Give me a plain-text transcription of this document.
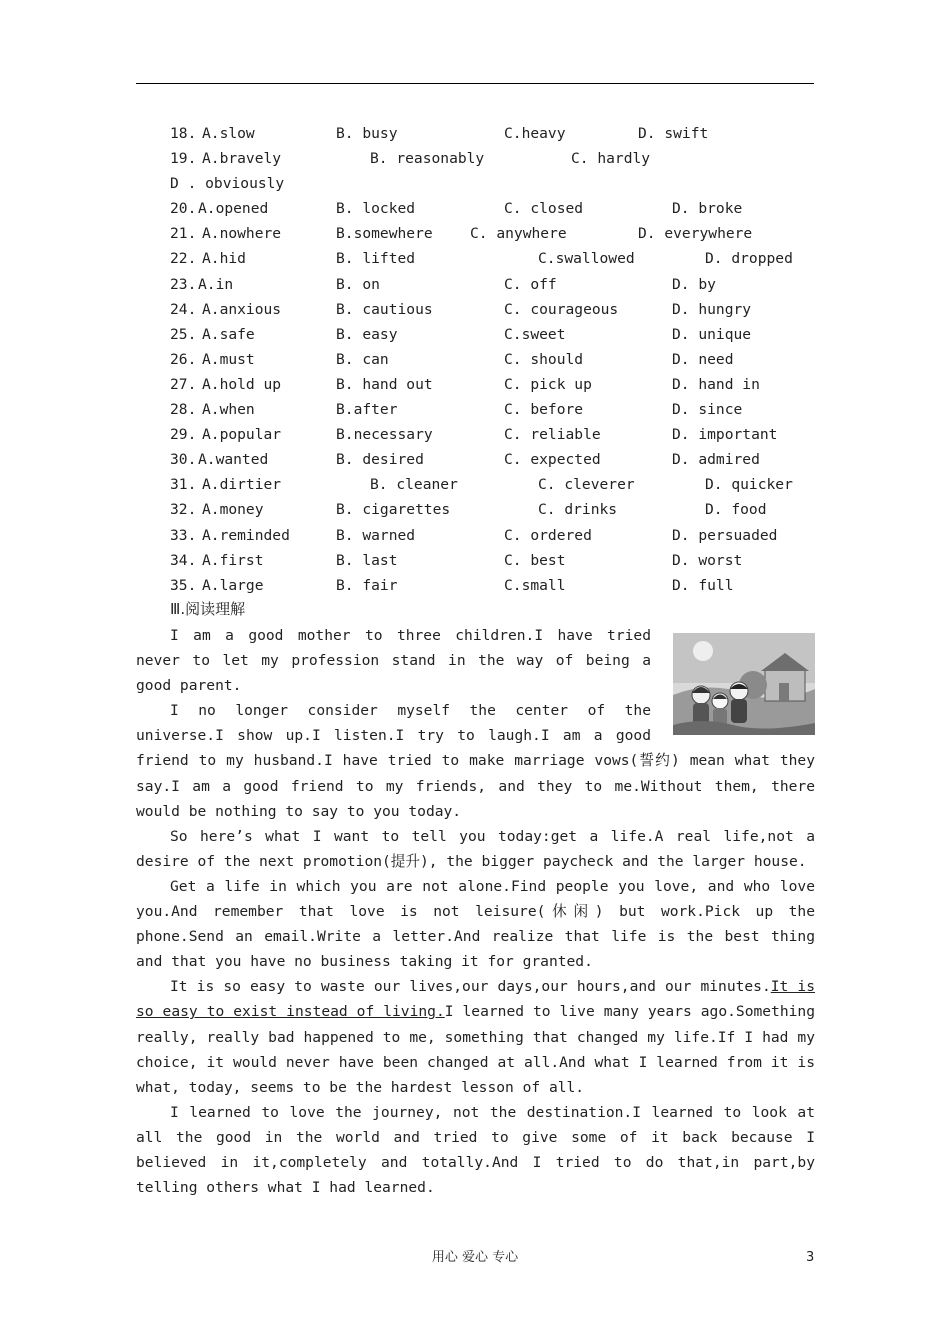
18. A.slow	B. busy	C.heavy	D. swift
19. A.bravely	B. reasonably	C. hardly
D . obviously
20. A.opened	B. locked	C. closed	D. broke
21. A.nowhere	B.somewhere	C. anywhere	D. everywhere
22. A.hid	B. lifted	C.swallowed	D. dropped
23. A.in	B. on	C. off	D. by
24. A.anxious	B. cautious	C. courageous	D. hungry
25. A.safe	B. easy	C.sweet	D. unique
26. A.must	B. can	C. should	D. need
27. A.hold up	B. hand out	C. pick up	D. hand in
28. A.when	B.after	C. before	D. since
29. A.popular	B.necessary	C. reliable	D. important
30. A.wanted	B. desired	C. expected	D. admired
31. A.dirtier	B. cleaner	C. cleverer	D. quicker
32. A.money	B. cigarettes	C. drinks	D. food
33. A.reminded	B. warned	C. ordered	D. persuaded
34. A.first	B. last	C. best	D. worst
35. A.large	B. fair	C.small	D. full
Ⅲ.阅读理解

I am a good mother to three children.I have tried never to let my profession stand in the way of being a good parent.

I no longer consider myself the center of the universe.I show up.I listen.I try to laugh.I am a good friend to my husband.I have tried to make marriage vows(誓约) mean what they say.I am a good friend to my friends, and they to me.Without them, there would be nothing to say to you today.

So here’s what I want to tell you today:get a life.A real life,not a desire of the next promotion(提升), the bigger paycheck and the larger house.

Get a life in which you are not alone.Find people you love, and who love you.And remember that love is not leisure(休闲) but work.Pick up the phone.Send an email.Write a letter.And realize that life is the best thing and that you have no business taking it for granted.

It is so easy to waste our lives,our days,our hours,and our minutes.It is so easy to exist instead of living.I learned to live many years ago.Something really, really bad happened to me, something that changed my life.If I had my choice, it would never have been changed at all.And what I learned from it is what, today, seems to be the hardest lesson of all.

I learned to love the journey, not the destination.I learned to look at all the good in the world and tried to give some of it back because I believed in it,completely and totally.And I tried to do that,in part,by telling others what I had learned.

用心 爱心 专心	3
